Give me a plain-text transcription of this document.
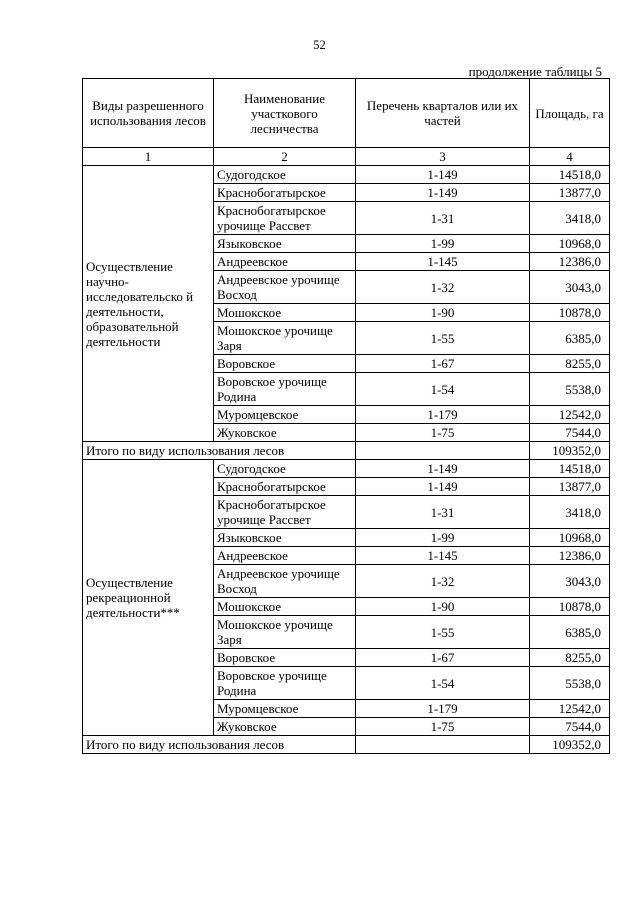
52
продолжение таблицы 5
Виды разрешенного использования лесов	Наименование участкового лесничества	Перечень кварталов или их частей	Площадь, га
1	2	3	4
Осуществление научно-исследовательско й деятельности, образовательной деятельности	Судогодское	1-149	14518,0
	Краснобогатырское	1-149	13877,0
	Краснобогатырское урочище Рассвет	1-31	3418,0
	Языковское	1-99	10968,0
	Андреевское	1-145	12386,0
	Андреевское урочище Восход	1-32	3043,0
	Мошокское	1-90	10878,0
	Мошокское урочище Заря	1-55	6385,0
	Воровское	1-67	8255,0
	Воровское урочище Родина	1-54	5538,0
	Муромцевское	1-179	12542,0
	Жуковское	1-75	7544,0
Итого по виду использования лесов			109352,0
Осуществление рекреационной деятельности***	Судогодское	1-149	14518,0
	Краснобогатырское	1-149	13877,0
	Краснобогатырское урочище Рассвет	1-31	3418,0
	Языковское	1-99	10968,0
	Андреевское	1-145	12386,0
	Андреевское урочище Восход	1-32	3043,0
	Мошокское	1-90	10878,0
	Мошокское урочище Заря	1-55	6385,0
	Воровское	1-67	8255,0
	Воровское урочище Родина	1-54	5538,0
	Муромцевское	1-179	12542,0
	Жуковское	1-75	7544,0
Итого по виду использования лесов			109352,0
